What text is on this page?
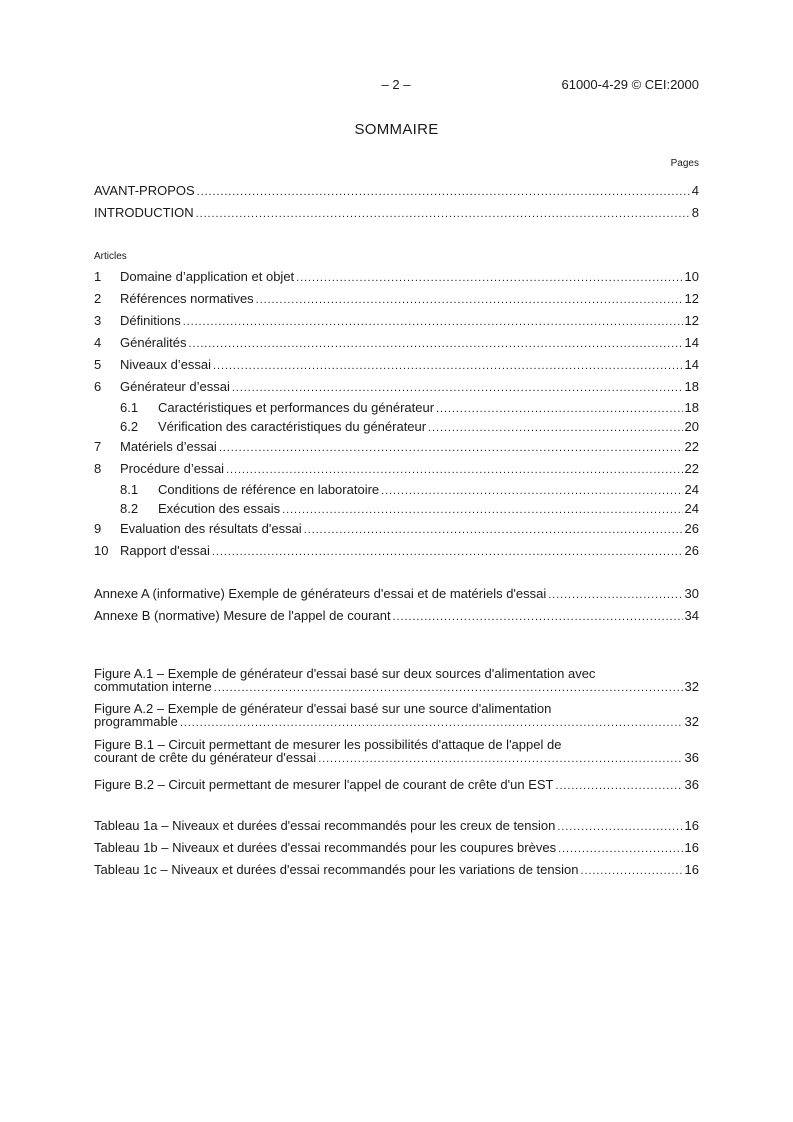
– 2 –	61000-4-29 © CEI:2000
SOMMAIRE
Pages
AVANT-PROPOS .....	4
INTRODUCTION .....	8
Articles
1	Domaine d’application et objet .....	10
2	Références normatives .....	12
3	Définitions .....	12
4	Généralités .....	14
5	Niveaux d’essai .....	14
6	Générateur d’essai .....	18
6.1	Caractéristiques et performances du générateur .....	18
6.2	Vérification des caractéristiques du générateur .....	20
7	Matériels d’essai .....	22
8	Procédure d’essai .....	22
8.1	Conditions de référence en laboratoire .....	24
8.2	Exécution des essais .....	24
9	Evaluation des résultats d'essai .....	26
10 Rapport d'essai .....	26
Annexe A (informative) Exemple de générateurs d'essai et de matériels d'essai .....	30
Annexe B (normative) Mesure de l'appel de courant .....	34
Figure A.1 – Exemple de générateur d'essai basé sur deux sources d'alimentation avec
commutation interne .....	32
Figure A.2 – Exemple de générateur d'essai basé sur une source d'alimentation
programmable .....	32
Figure B.1 – Circuit permettant de mesurer les possibilités d'attaque de l'appel de
courant de crête du générateur d'essai .....	36
Figure B.2 – Circuit permettant de mesurer l'appel de courant de crête d'un EST .....	36
Tableau 1a – Niveaux et durées d'essai recommandés pour les creux de tension .....	16
Tableau 1b – Niveaux et durées d'essai recommandés pour les coupures brèves .....	16
Tableau 1c – Niveaux et durées d'essai recommandés pour les variations de tension .....	16
